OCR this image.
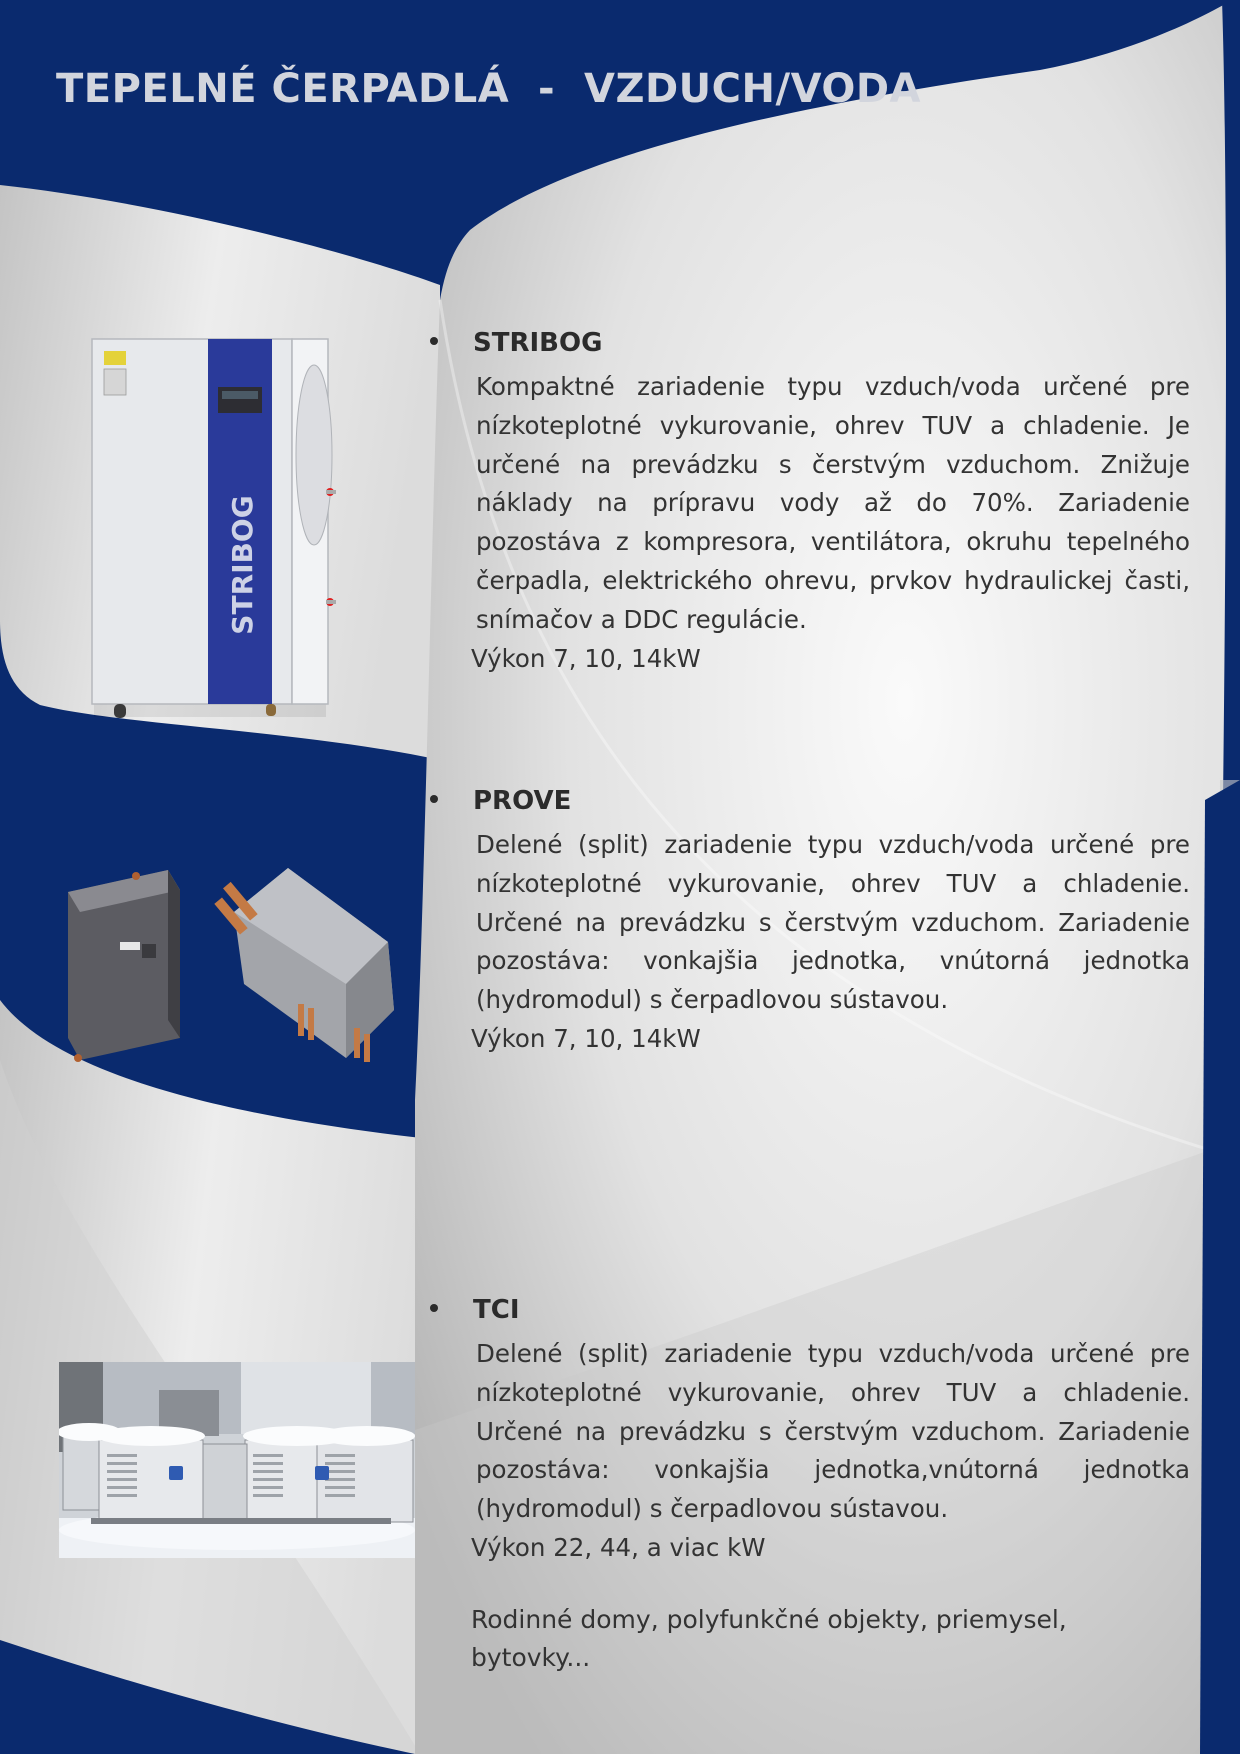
TEPELNÉ ČERPADLÁ  -  VZDUCH/VODA
STRIBOG
STRIBOG

Kompaktné zariadenie typu vzduch/voda určené pre nízkoteplotné vykurovanie, ohrev TUV a chladenie. Je určené na prevádzku s čerstvým vzduchom. Znižuje náklady na prípravu vody až do 70%. Zariadenie pozostáva z kompresora, ventilátora, okruhu tepelného čerpadla, elektrického ohrevu, prvkov hydraulickej časti, snímačov a DDC regulácie.

Výkon 7, 10, 14kW

PROVE

Delené (split) zariadenie typu vzduch/voda určené pre nízkoteplotné vykurovanie, ohrev TUV a chladenie. Určené na prevádzku s čerstvým vzduchom. Zariadenie pozostáva: vonkajšia jednotka, vnútorná jednotka (hydromodul) s čerpadlovou sústavou.

Výkon 7, 10, 14kW

TCI

Delené (split) zariadenie typu vzduch/voda určené pre nízkoteplotné vykurovanie, ohrev TUV a chladenie. Určené na prevádzku s čerstvým vzduchom. Zariadenie pozostáva: vonkajšia jednotka,vnútorná jednotka (hydromodul) s čerpadlovou sústavou.

Výkon 22, 44, a viac kW

Rodinné domy, polyfunkčné objekty, priemysel, bytovky...
